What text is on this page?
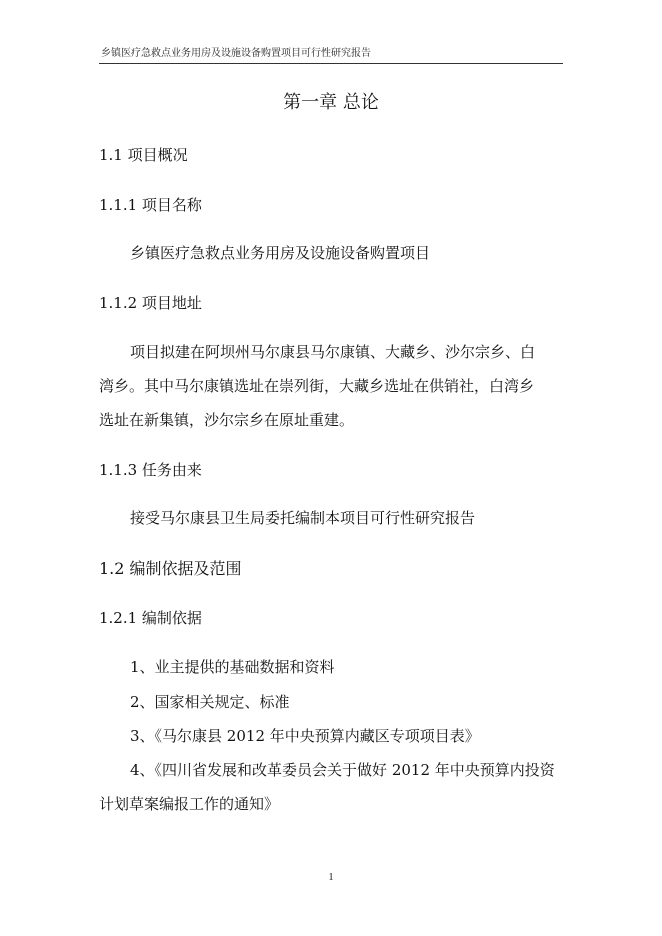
乡镇医疗急救点业务用房及设施设备购置项目可行性研究报告
第一章 总论
1.1 项目概况
1.1.1 项目名称
乡镇医疗急救点业务用房及设施设备购置项目
1.1.2 项目地址
项目拟建在阿坝州马尔康县马尔康镇、大藏乡、沙尔宗乡、白
湾乡。其中马尔康镇选址在崇列街，大藏乡选址在供销社，白湾乡
选址在新集镇，沙尔宗乡在原址重建。
1.1.3 任务由来
接受马尔康县卫生局委托编制本项目可行性研究报告
1.2 编制依据及范围
1.2.1 编制依据
1、业主提供的基础数据和资料
2、国家相关规定、标准
3、《马尔康县 2012 年中央预算内藏区专项项目表》
4、《四川省发展和改革委员会关于做好 2012 年中央预算内投资
计划草案编报工作的通知》
1
